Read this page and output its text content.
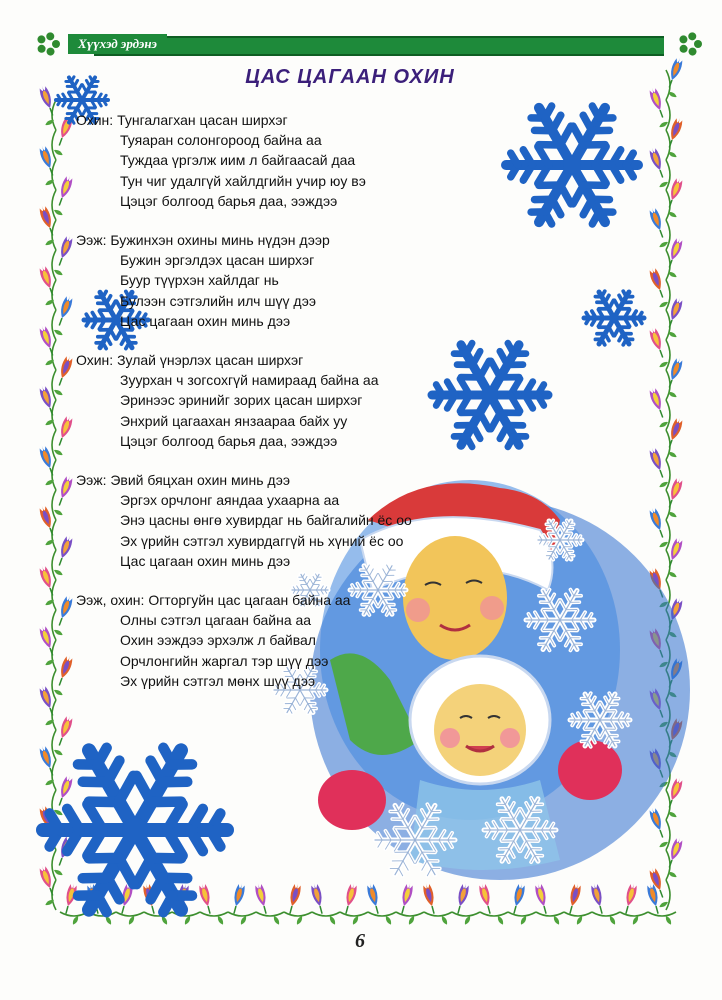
Хүүхэд эрдэнэ
ЦАС ЦАГААН ОХИН
Охин: Тунгалагхан цасан ширхэг
Туяаран солонгороод байна аа
Туждаа үргэлж иим л байгаасай даа
Тун чиг удалгүй хайлдгийн учир юу вэ
Цэцэг болгоод барья даа, ээждээ
Ээж: Бужинхэн охины минь нүдэн дээр
Бужин эргэлдэх цасан ширхэг
Буур түүрхэн хайлдаг нь
Булээн сэтгэлийн илч шүү дээ
Цас цагаан охин минь дээ
Охин: Зулай үнэрлэх цасан ширхэг
Зуурхан ч зогсохгүй намираад байна аа
Эринээс эринийг зорих цасан ширхэг
Энхрий цагаахан янзаараа байх уу
Цэцэг болгоод барья даа, ээждээ
Ээж: Эвий бяцхан охин минь дээ
Эргэх орчлонг аяндаа ухаарна аа
Энэ цасны өнгө хувирдаг нь байгалийн ёс оо
Эх үрийн сэтгэл хувирдаггүй нь хүний ёс оо
Цас цагаан охин минь дээ
Ээж, охин: Огторгуйн цас цагаан байна аа
Олны сэтгэл цагаан байна аа
Охин ээждээ эрхэлж л байвал
Орчлонгийн жаргал тэр шүү дээ
Эх үрийн сэтгэл мөнх шүү дээ
6
